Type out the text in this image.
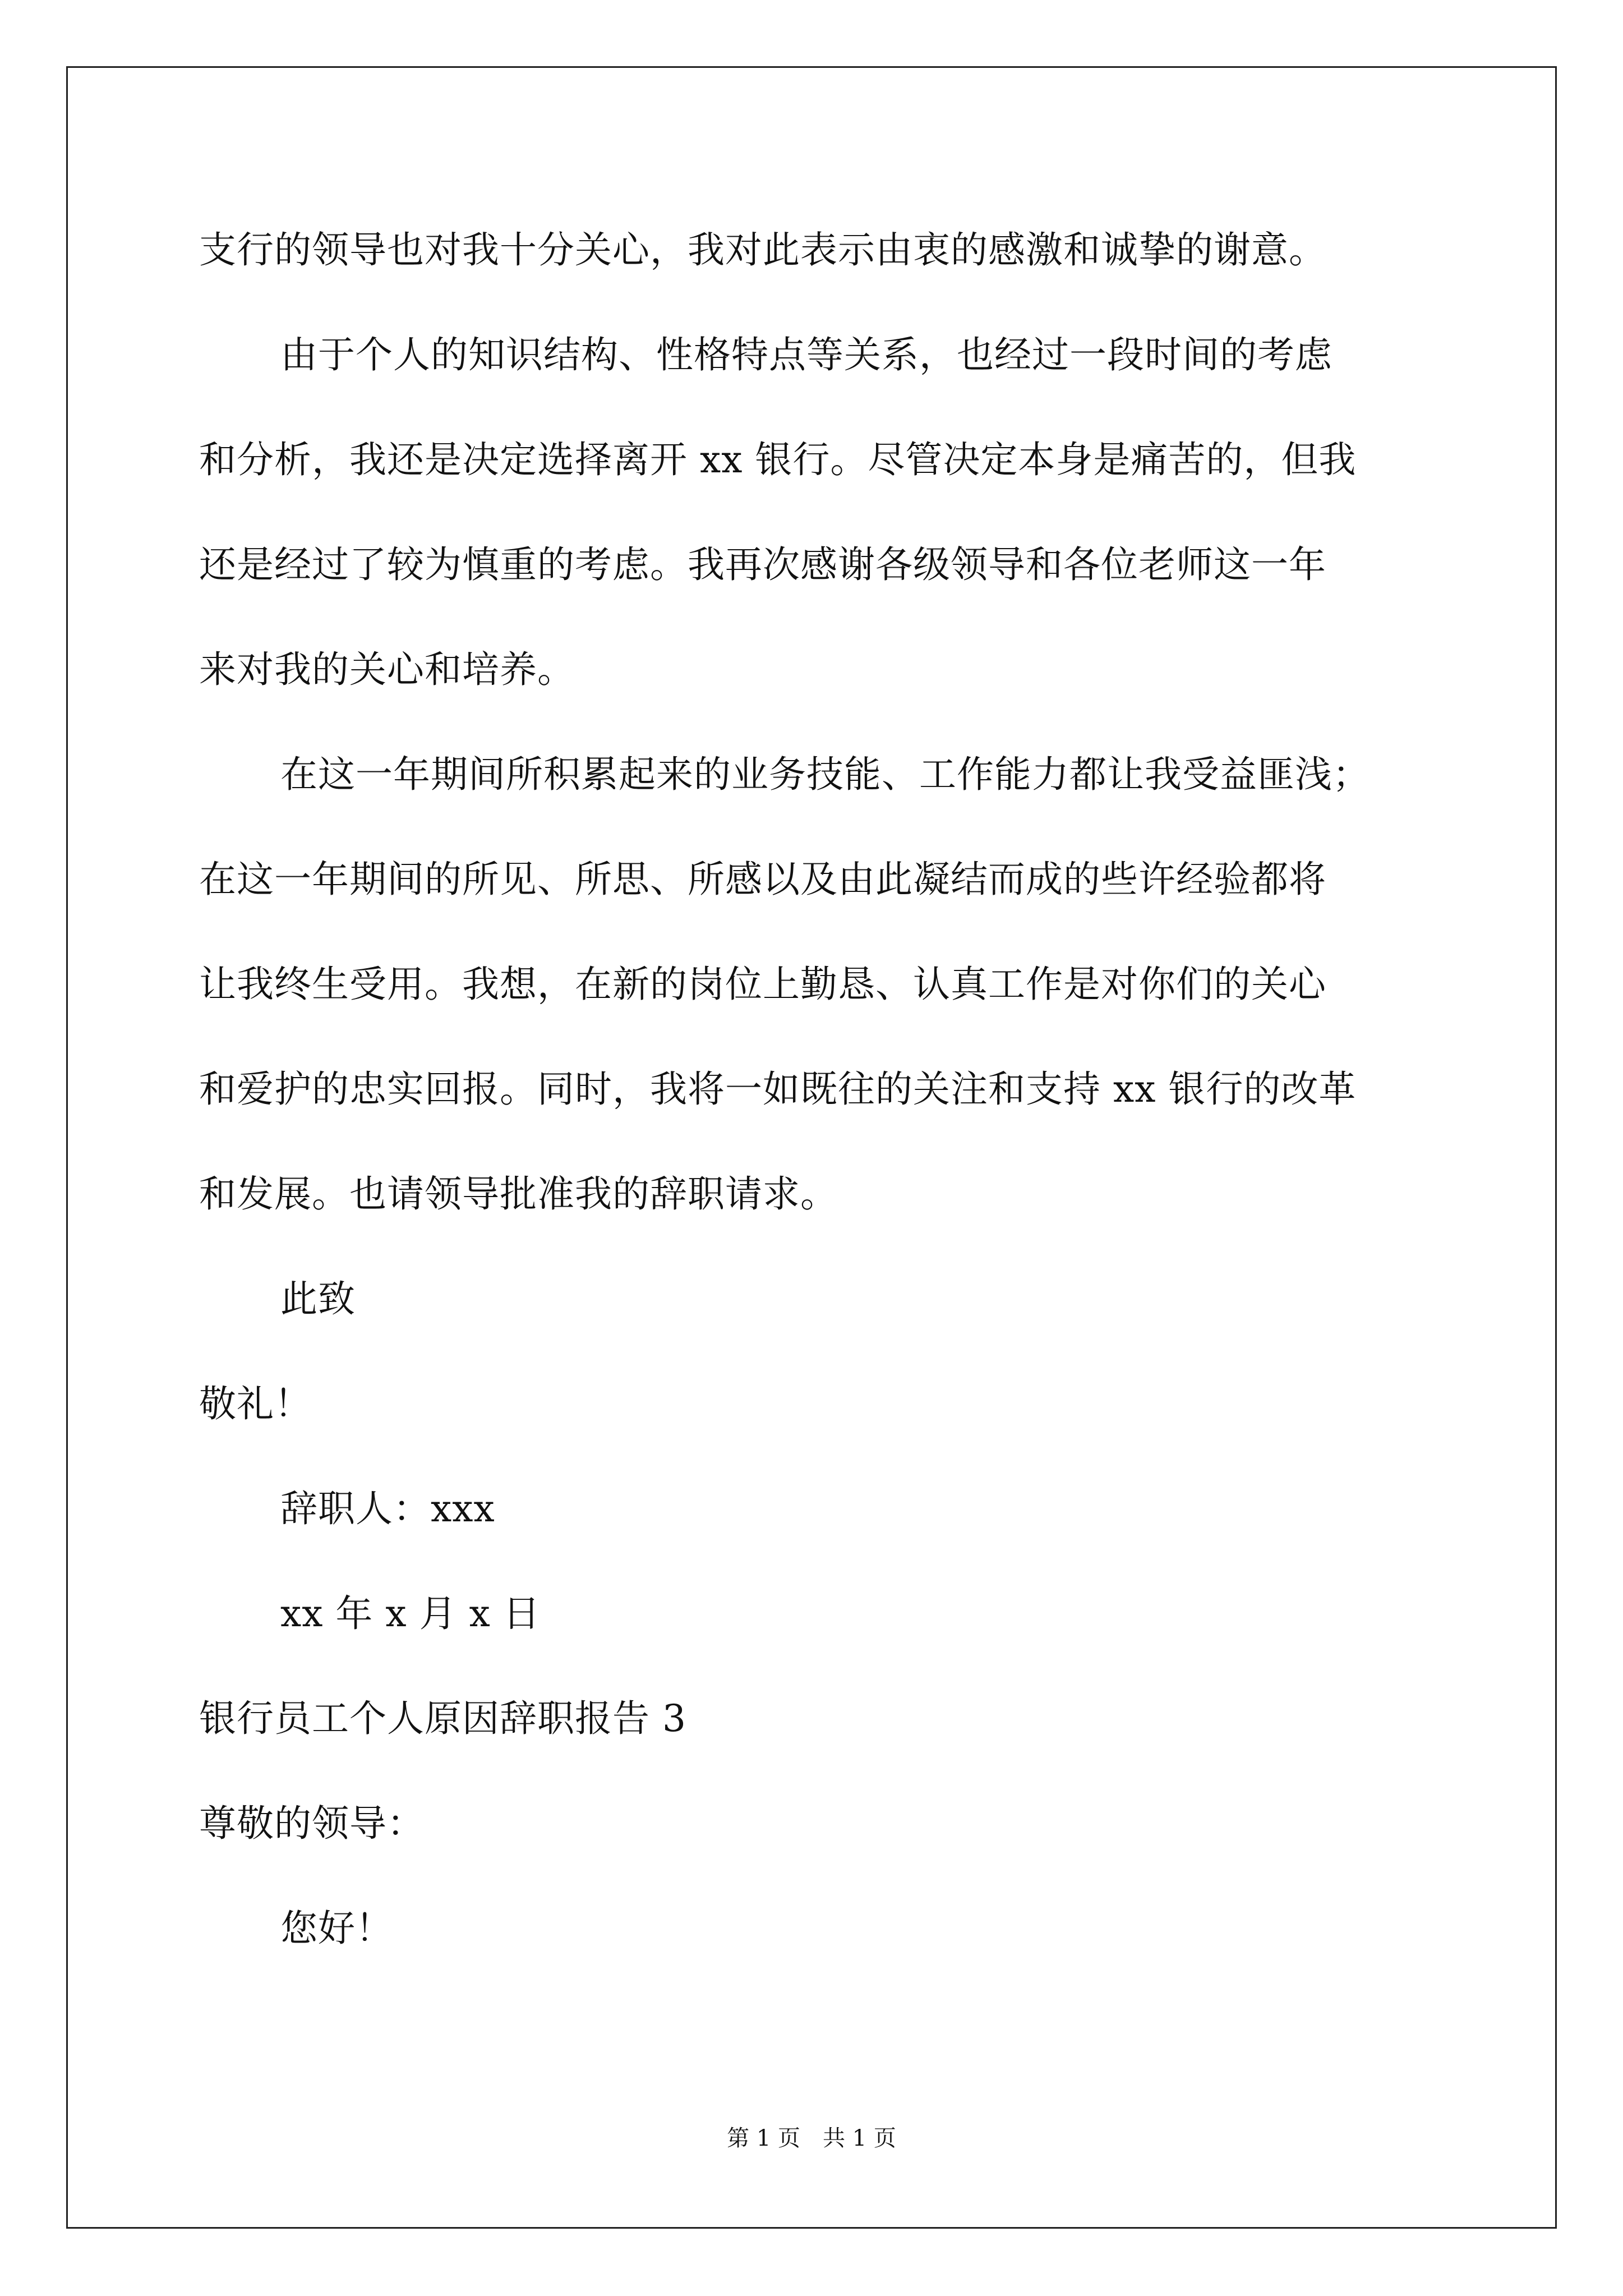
支行的领导也对我十分关心，我对此表示由衷的感激和诚挚的谢意。
由于个人的知识结构、性格特点等关系，也经过一段时间的考虑
和分析，我还是决定选择离开 xx 银行。尽管决定本身是痛苦的，但我
还是经过了较为慎重的考虑。我再次感谢各级领导和各位老师这一年
来对我的关心和培养。
在这一年期间所积累起来的业务技能、工作能力都让我受益匪浅；
在这一年期间的所见、所思、所感以及由此凝结而成的些许经验都将
让我终生受用。我想，在新的岗位上勤恳、认真工作是对你们的关心
和爱护的忠实回报。同时，我将一如既往的关注和支持 xx 银行的改革
和发展。也请领导批准我的辞职请求。
此致
敬礼！
辞职人：xxx
xx 年 x 月 x 日
银行员工个人原因辞职报告 3
尊敬的领导：
您好！
第 1 页　共 1 页
